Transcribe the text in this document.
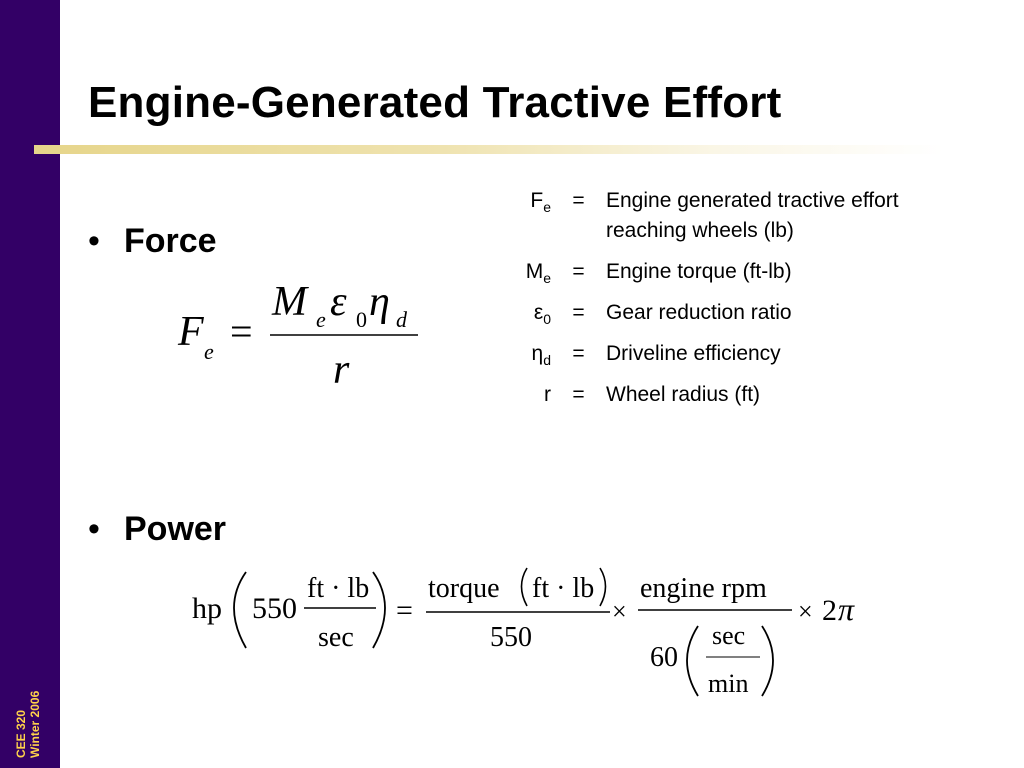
CEE 320 Winter 2006
Engine-Generated Tractive Effort
• Force
• Power
F e =
M e ε 0 η d
r
$F_e$	=	Engine generated tractive effort reaching wheels (lb)
$M_e$	=	Engine torque (ft-lb)
$\varepsilon_0$	=	Gear reduction ratio
$\eta_d$	=	Driveline efficiency
r	=	Wheel radius (ft)
hp 550
ft · lb
sec
=
torque ft · lb
550
×
engine rpm
60
sec
min
× 2 π
